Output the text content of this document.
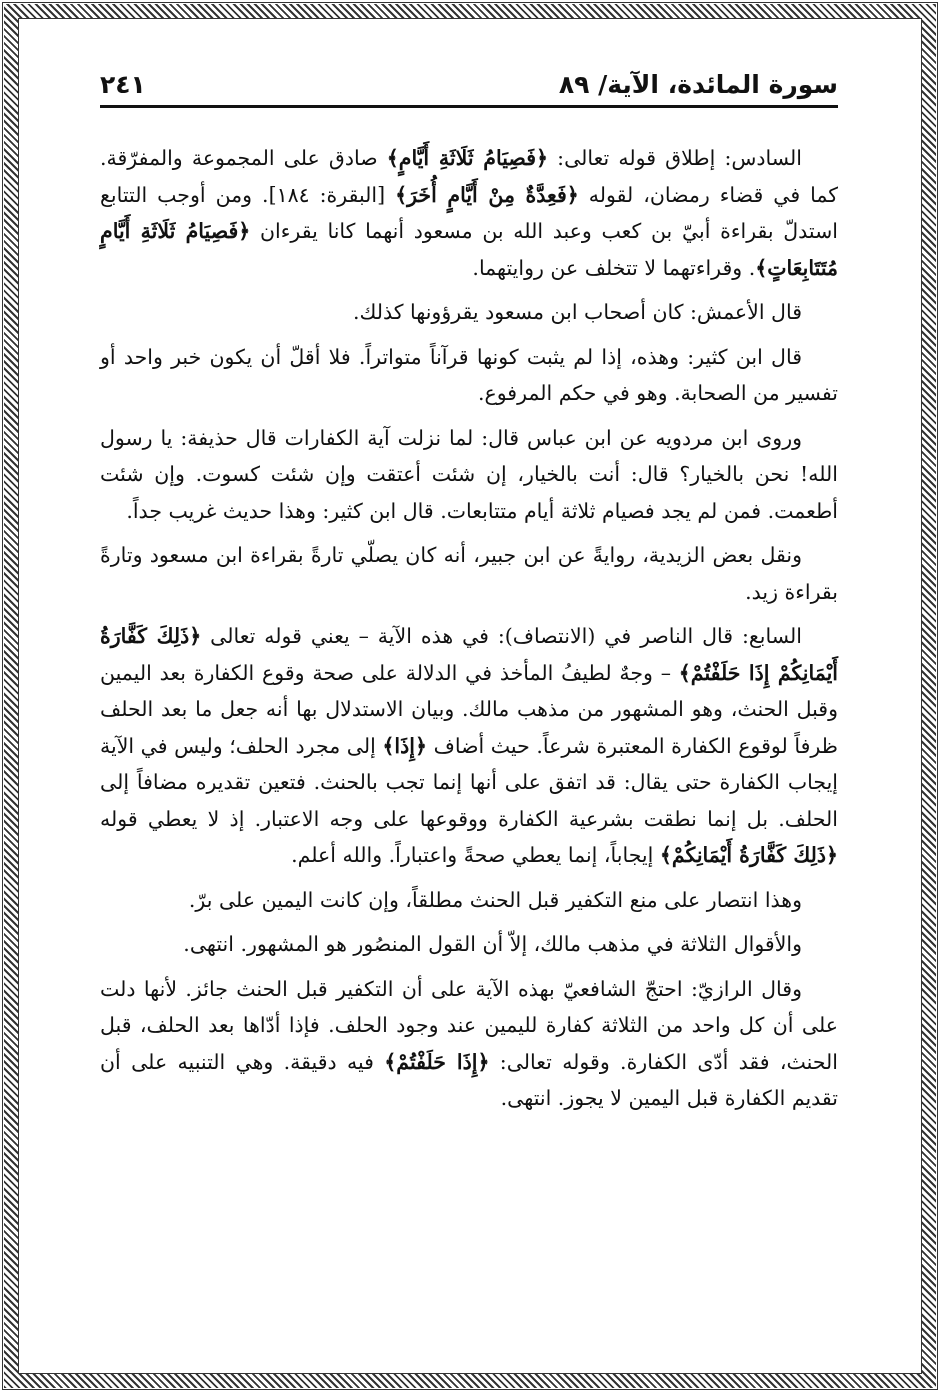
سورة المائدة، الآية/ ٨٩
٢٤١

السادس: إطلاق قوله تعالى: ﴿فَصِيَامُ ثَلَاثَةِ أَيَّامٍ﴾ صادق على المجموعة والمفرّقة. كما في قضاء رمضان، لقوله ﴿فَعِدَّةٌ مِنْ أَيَّامٍ أُخَرَ﴾ [البقرة: ١٨٤]. ومن أوجب التتابع استدلّ بقراءة أبيّ بن كعب وعبد الله بن مسعود أنهما كانا يقرءان ﴿فَصِيَامُ ثَلَاثَةِ أَيَّامٍ مُتَتَابِعَاتٍ﴾. وقراءتهما لا تتخلف عن روايتهما.

قال الأعمش: كان أصحاب ابن مسعود يقرؤونها كذلك.

قال ابن كثير: وهذه، إذا لم يثبت كونها قرآناً متواتراً. فلا أقلّ أن يكون خبر واحد أو تفسير من الصحابة. وهو في حكم المرفوع.

وروى ابن مردويه عن ابن عباس قال: لما نزلت آية الكفارات قال حذيفة: يا رسول الله! نحن بالخيار؟ قال: أنت بالخيار، إن شئت أعتقت وإن شئت كسوت. وإن شئت أطعمت. فمن لم يجد فصيام ثلاثة أيام متتابعات. قال ابن كثير: وهذا حديث غريب جداً.

ونقل بعض الزيدية، روايةً عن ابن جبير، أنه كان يصلّي تارةً بقراءة ابن مسعود وتارةً بقراءة زيد.

السابع: قال الناصر في (الانتصاف): في هذه الآية – يعني قوله تعالى ﴿ذَلِكَ كَفَّارَةُ أَيْمَانِكُمْ إِذَا حَلَفْتُمْ﴾ – وجهٌ لطيفُ المأخذ في الدلالة على صحة وقوع الكفارة بعد اليمين وقبل الحنث، وهو المشهور من مذهب مالك. وبيان الاستدلال بها أنه جعل ما بعد الحلف ظرفاً لوقوع الكفارة المعتبرة شرعاً. حيث أضاف ﴿إِذَا﴾ إلى مجرد الحلف؛ وليس في الآية إيجاب الكفارة حتى يقال: قد اتفق على أنها إنما تجب بالحنث. فتعين تقديره مضافاً إلى الحلف. بل إنما نطقت بشرعية الكفارة ووقوعها على وجه الاعتبار. إذ لا يعطي قوله ﴿ذَلِكَ كَفَّارَةُ أَيْمَانِكُمْ﴾ إيجاباً، إنما يعطي صحةً واعتباراً. والله أعلم.

وهذا انتصار على منع التكفير قبل الحنث مطلقاً، وإن كانت اليمين على برّ.

والأقوال الثلاثة في مذهب مالك، إلاّ أن القول المنصُور هو المشهور. انتهى.

وقال الرازيّ: احتجّ الشافعيّ بهذه الآية على أن التكفير قبل الحنث جائز. لأنها دلت على أن كل واحد من الثلاثة كفارة لليمين عند وجود الحلف. فإذا أدّاها بعد الحلف، قبل الحنث، فقد أدّى الكفارة. وقوله تعالى: ﴿إِذَا حَلَفْتُمْ﴾ فيه دقيقة. وهي التنبيه على أن تقديم الكفارة قبل اليمين لا يجوز. انتهى.
